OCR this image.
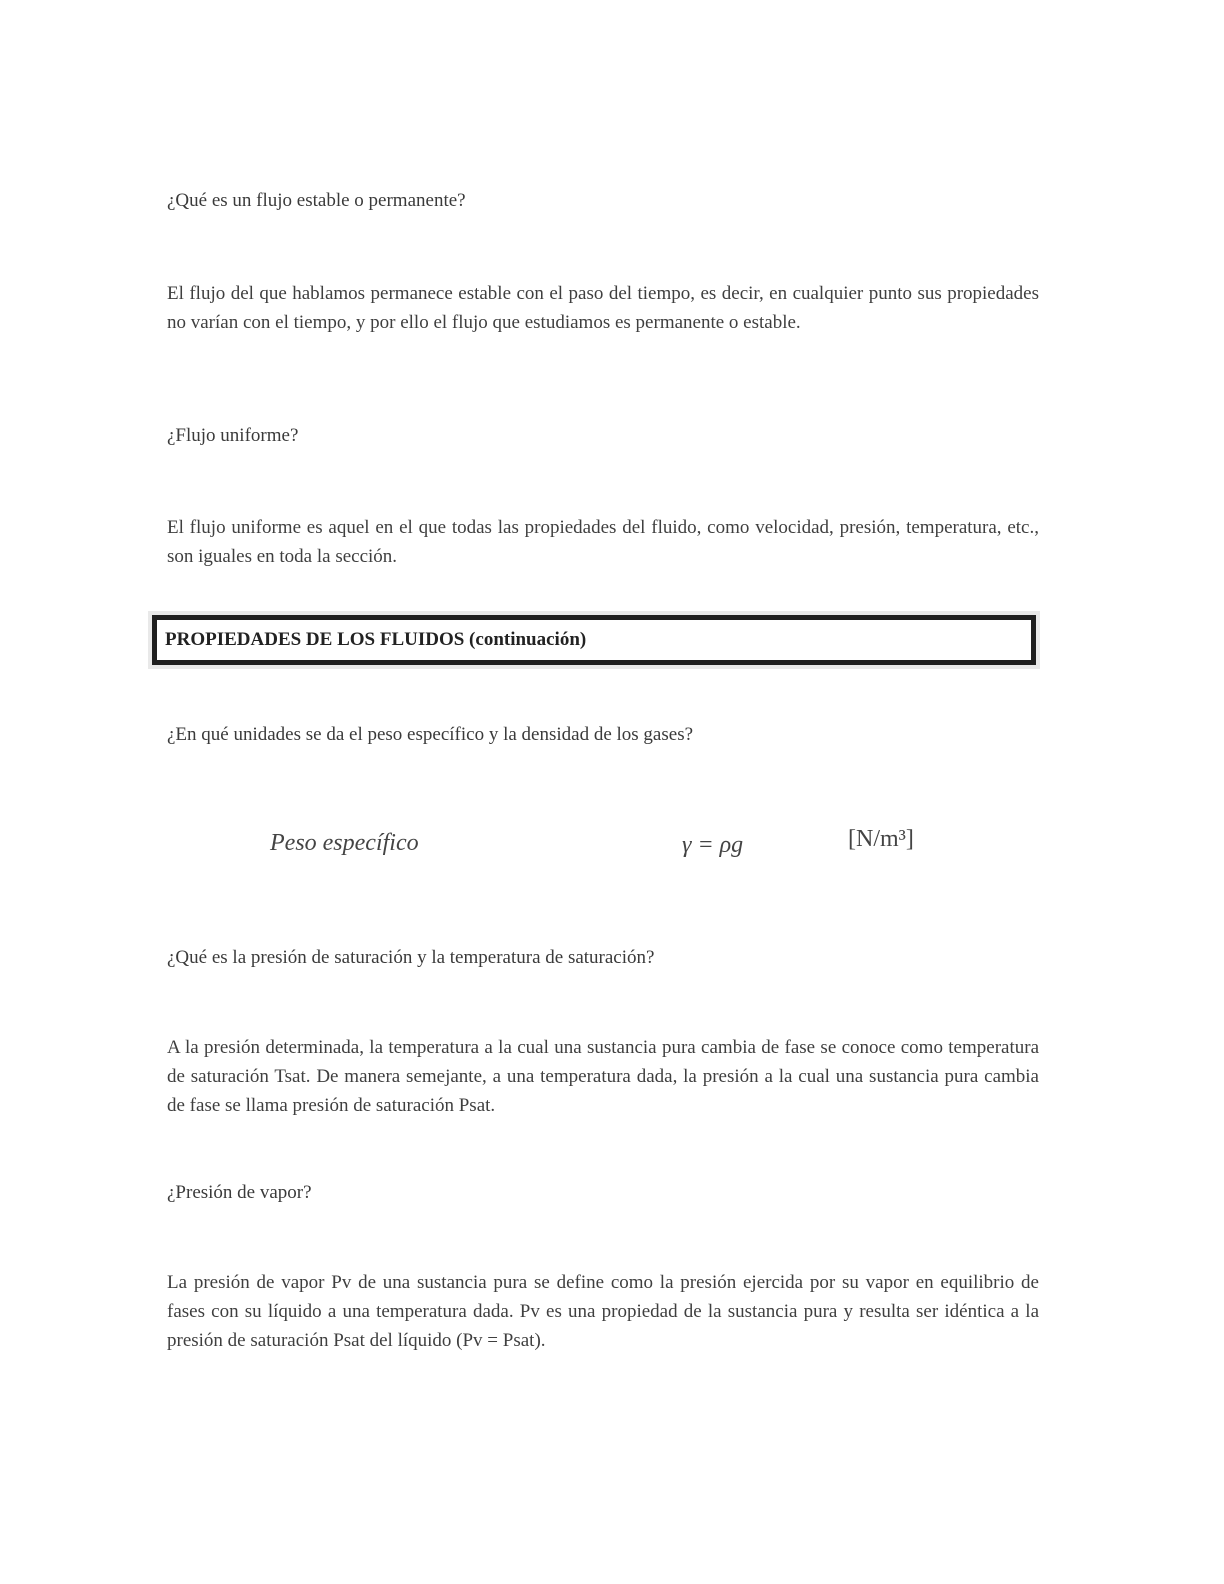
¿Qué es un flujo estable o permanente?
El flujo del que hablamos permanece estable con el paso del tiempo, es decir, en cualquier punto sus propiedades no varían con el tiempo, y por ello el flujo que estudiamos es permanente o estable.
¿Flujo uniforme?
El flujo uniforme es aquel en el que todas las propiedades del fluido, como velocidad, presión, temperatura, etc., son iguales en toda la sección.
PROPIEDADES DE LOS FLUIDOS (continuación)
¿En qué unidades se da el peso específico y la densidad de los gases?
Peso específico	γ = ρg	[N/m³]
¿Qué es la presión de saturación y la temperatura de saturación?
A la presión determinada, la temperatura a la cual una sustancia pura cambia de fase se conoce como temperatura de saturación Tsat. De manera semejante, a una temperatura dada, la presión a la cual una sustancia pura cambia de fase se llama presión de saturación Psat.
¿Presión de vapor?
La presión de vapor Pv de una sustancia pura se define como la presión ejercida por su vapor en equilibrio de fases con su líquido a una temperatura dada. Pv es una propiedad de la sustancia pura y resulta ser idéntica a la presión de saturación Psat del líquido (Pv = Psat).
